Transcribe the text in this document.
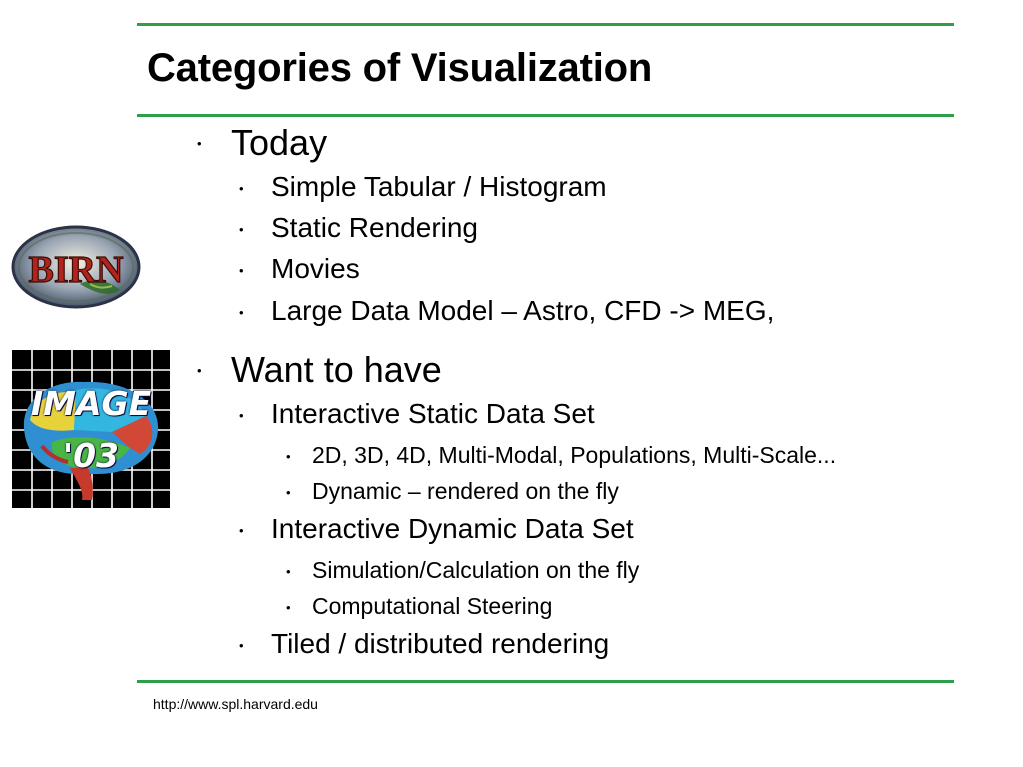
Categories of Visualization
BIRN
IMAGE
'03
• Today
• Simple Tabular / Histogram
• Static Rendering
• Movies
• Large Data Model – Astro, CFD -> MEG,
• Want to have
• Interactive Static Data Set
• 2D, 3D, 4D, Multi-Modal, Populations, Multi-Scale...
• Dynamic – rendered on the fly
• Interactive Dynamic Data Set
• Simulation/Calculation on the fly
• Computational Steering
• Tiled / distributed rendering
http://www.spl.harvard.edu
